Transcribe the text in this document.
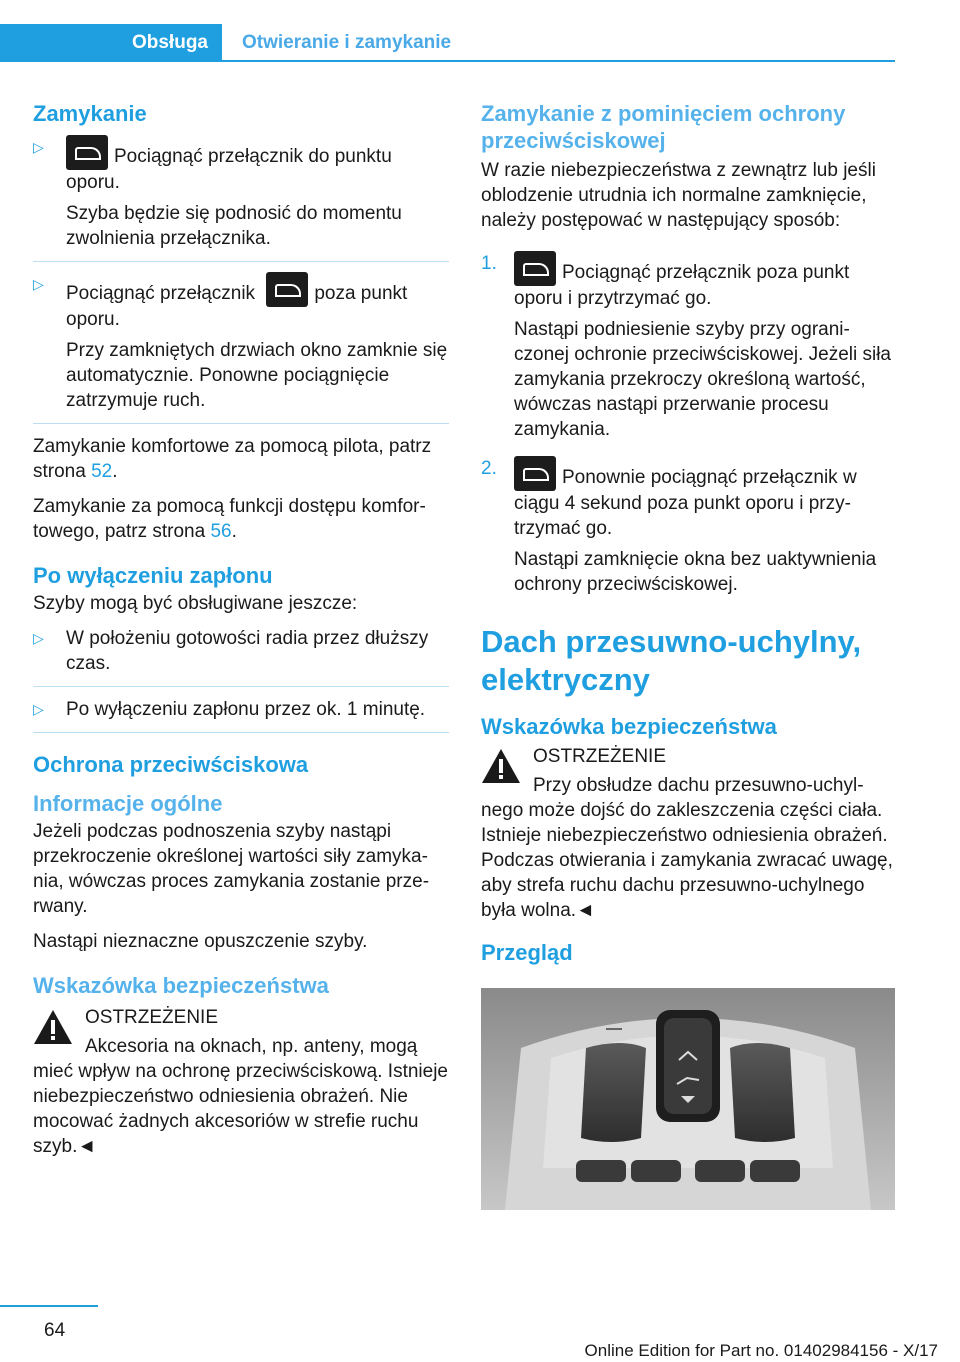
Obsługa	Otwieranie i zamykanie
Zamykanie
▷	Pociągnąć przełącznik do punktu oporu.

Szyba będzie się podnosić do momentu zwolnienia przełącznika.

▷ Pociągnąć przełącznik	poza punkt oporu.

Przy zamkniętych drzwiach okno zamknie się automatycznie. Ponowne pociągnięcie zatrzymuje ruch.

Zamykanie komfortowe za pomocą pilota, patrz strona 52.

Zamykanie za pomocą funkcji dostępu komfortowego, patrz strona 56.

Po wyłączeniu zapłonu

Szyby mogą być obsługiwane jeszcze:

▷ W położeniu gotowości radia przez dłuższy czas.

▷ Po wyłączeniu zapłonu przez ok. 1 minutę.

Ochrona przeciwściskowa
Informacje ogólne

Jeżeli podczas podnoszenia szyby nastąpi przekroczenie określonej wartości siły zamykania, wówczas proces zamykania zostanie przerwany.

Nastąpi nieznaczne opuszczenie szyby.

Wskazówka bezpieczeństwa

OSTRZEŻENIE

Akcesoria na oknach, np. anteny, mogą mieć wpływ na ochronę przeciwściskową. Istnieje niebezpieczeństwo odniesienia obrażeń. Nie mocować żadnych akcesoriów w strefie ruchu szyb.◄

Zamykanie z pominięciem ochrony przeciwściskowej

W razie niebezpieczeństwa z zewnątrz lub jeśli oblodzenie utrudnia ich normalne zamknięcie, należy postępować w następujący sposób:

1.	Pociągnąć przełącznik poza punkt oporu i przytrzymać go.

Nastąpi podniesienie szyby przy ograniczonej ochronie przeciwściskowej. Jeżeli siła zamykania przekroczy określoną wartość, wówczas nastąpi przerwanie procesu zamykania.

2.	Ponownie pociągnąć przełącznik w ciągu 4 sekund poza punkt oporu i przytrzymać go.

Nastąpi zamknięcie okna bez uaktywnienia ochrony przeciwściskowej.

Dach przesuwno-uchylny, elektryczny
Wskazówka bezpieczeństwa

OSTRZEŻENIE

Przy obsłudze dachu przesuwno-uchylnego może dojść do zakleszczenia części ciała. Istnieje niebezpieczeństwo odniesienia obrażeń. Podczas otwierania i zamykania zwracać uwagę, aby strefa ruchu dachu przesuwno-uchylnego była wolna.◄

Przegląd
64
Online Edition for Part no. 01402984156 - X/17
